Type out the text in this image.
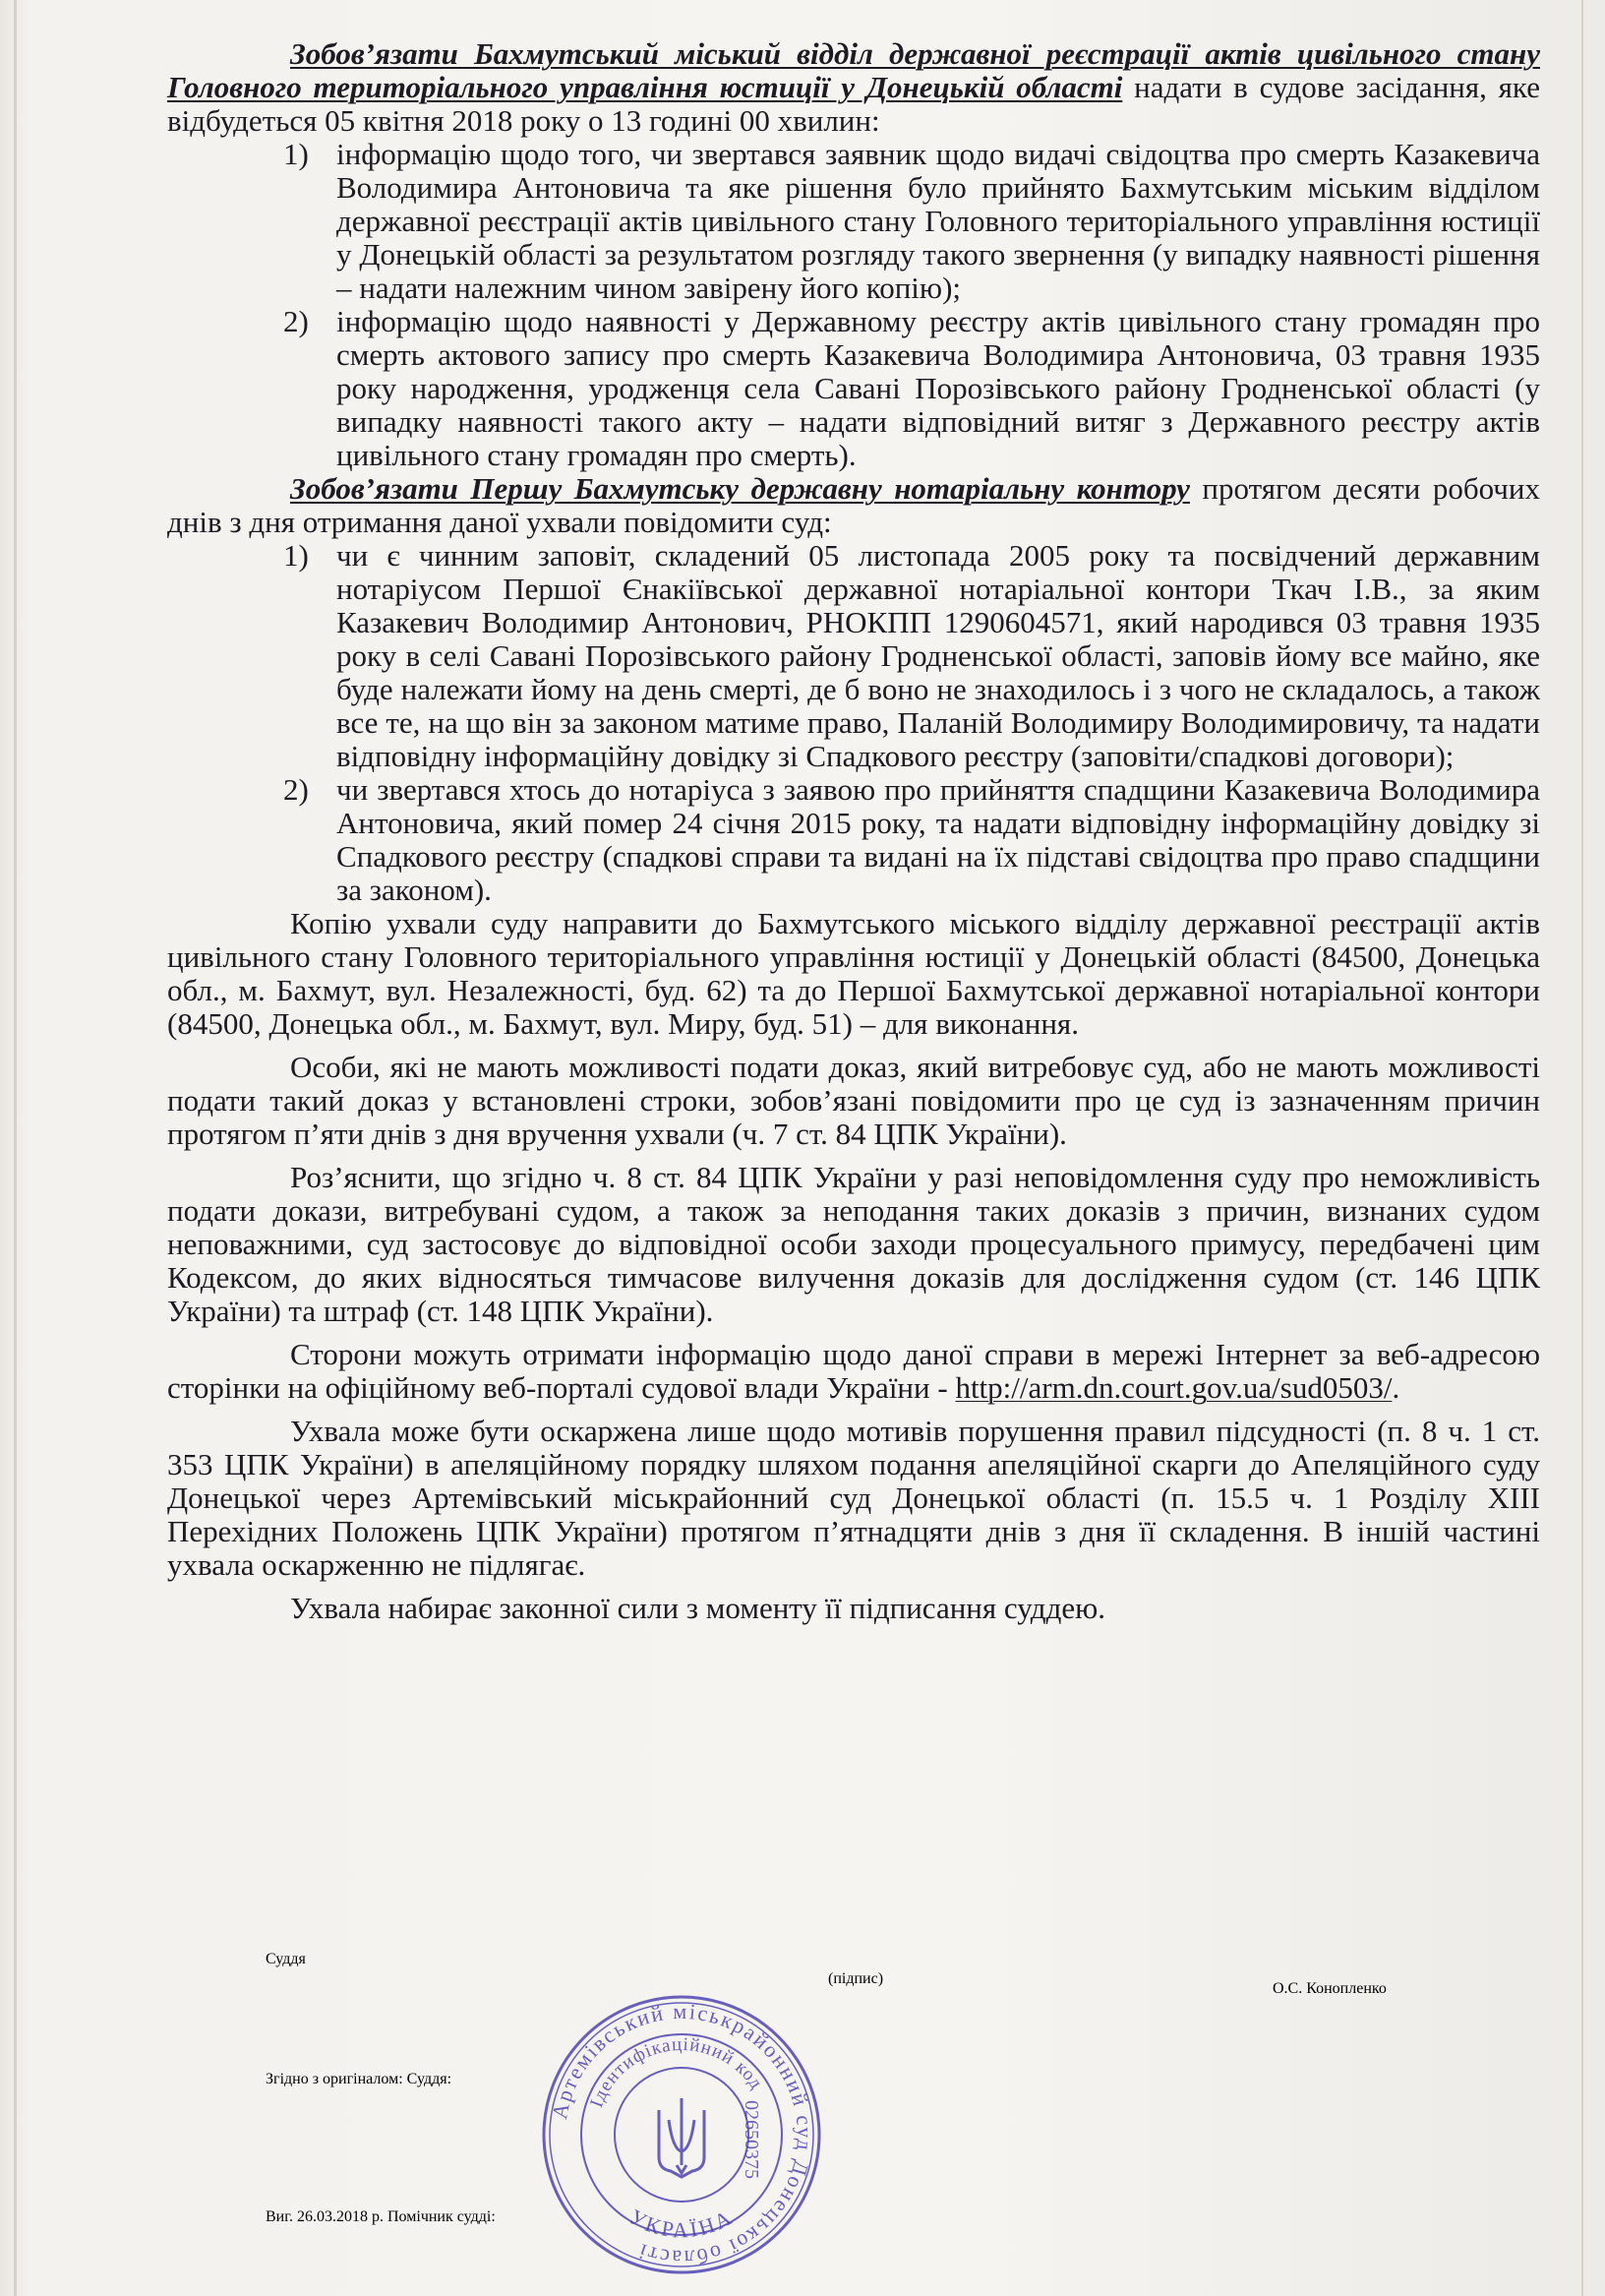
Зобов’язати Бахмутський міський відділ державної реєстрації актів цивільного стану Головного територіального управління юстиції у Донецькій області надати в судове засідання, яке відбудеться 05 квітня 2018 року о 13 годині 00 хвилин:

1) інформацію щодо того, чи звертався заявник щодо видачі свідоцтва про смерть Казакевича Володимира Антоновича та яке рішення було прийнято Бахмутським міським відділом державної реєстрації актів цивільного стану Головного територіального управління юстиції у Донецькій області за результатом розгляду такого звернення (у випадку наявності рішення – надати належним чином завірену його копію);
2) інформацію щодо наявності у Державному реєстру актів цивільного стану громадян про смерть актового запису про смерть Казакевича Володимира Антоновича, 03 травня 1935 року народження, уродженця села Савані Порозівського району Гродненської області (у випадку наявності такого акту – надати відповідний витяг з Державного реєстру актів цивільного стану громадян про смерть).

Зобов’язати Першу Бахмутську державну нотаріальну контору протягом десяти робочих днів з дня отримання даної ухвали повідомити суд:

1) чи є чинним заповіт, складений 05 листопада 2005 року та посвідчений державним нотаріусом Першої Єнакіївської державної нотаріальної контори Ткач І.В., за яким Казакевич Володимир Антонович, РНОКПП 1290604571, який народився 03 травня 1935 року в селі Савані Порозівського району Гродненської області, заповів йому все майно, яке буде належати йому на день смерті, де б воно не знаходилось і з чого не складалось, а також все те, на що він за законом матиме право, Паланій Володимиру Володимировичу, та надати відповідну інформаційну довідку зі Спадкового реєстру (заповіти/спадкові договори);
2) чи звертався хтось до нотаріуса з заявою про прийняття спадщини Казакевича Володимира Антоновича, який помер 24 січня 2015 року, та надати відповідну інформаційну довідку зі Спадкового реєстру (спадкові справи та видані на їх підставі свідоцтва про право спадщини за законом).

Копію ухвали суду направити до Бахмутського міського відділу державної реєстрації актів цивільного стану Головного територіального управління юстиції у Донецькій області (84500, Донецька обл., м. Бахмут, вул. Незалежності, буд. 62) та до Першої Бахмутської державної нотаріальної контори (84500, Донецька обл., м. Бахмут, вул. Миру, буд. 51) – для виконання.

Особи, які не мають можливості подати доказ, який витребовує суд, або не мають можливості подати такий доказ у встановлені строки, зобов’язані повідомити про це суд із зазначенням причин протягом п’яти днів з дня вручення ухвали (ч. 7 ст. 84 ЦПК України).

Роз’яснити, що згідно ч. 8 ст. 84 ЦПК України у разі неповідомлення суду про неможливість подати докази, витребувані судом, а також за неподання таких доказів з причин, визнаних судом неповажними, суд застосовує до відповідної особи заходи процесуального примусу, передбачені цим Кодексом, до яких відносяться тимчасове вилучення доказів для дослідження судом (ст. 146 ЦПК України) та штраф (ст. 148 ЦПК України).

Сторони можуть отримати інформацію щодо даної справи в мережі Інтернет за веб-адресою сторінки на офіційному веб-порталі судової влади України - http://arm.dn.court.gov.ua/sud0503/.

Ухвала може бути оскаржена лише щодо мотивів порушення правил підсудності (п. 8 ч. 1 ст. 353 ЦПК України) в апеляційному порядку шляхом подання апеляційної скарги до Апеляційного суду Донецької через Артемівський міськрайонний суд Донецької області (п. 15.5 ч. 1 Розділу XIII Перехідних Положень ЦПК України) протягом п’ятнадцяти днів з дня її складення. В іншій частині ухвала оскарженню не підлягає.

Ухвала набирає законної сили з моменту її підписання суддею.

Суддя
(підпис)
О.С. Конопленко
Згідно з оригіналом: Суддя:
Виг. 26.03.2018 р. Помічник судді:
Артемівський міськрайонний суд Донецької області
Ідентифікаційний код
02650375
УКРАЇНА
